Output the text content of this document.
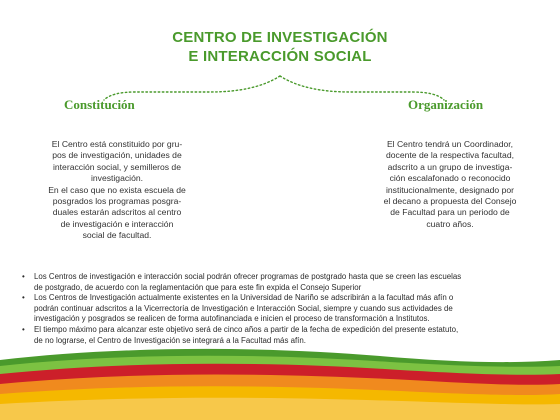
CENTRO DE INVESTIGACIÓN
E INTERACCIÓN SOCIAL
Constitución	Organización
El Centro está constituido por gru-
pos de investigación, unidades de
interacción social, y semilleros de
investigación.
En el caso que no exista escuela de
posgrados los programas posgra-
duales estarán adscritos al centro
de investigación e interacción
social de facultad.
El Centro tendrá un Coordinador,
docente de la respectiva facultad,
adscrito a un grupo de investiga-
ción escalafonado o reconocido
institucionalmente, designado por
el decano a propuesta del Consejo
de Facultad para un periodo de
cuatro años.
•	Los Centros de investigación e interacción social podrán ofrecer programas de postgrado hasta que se creen las escuelas
de postgrado, de acuerdo con la reglamentación que para este fin expida el Consejo Superior
•	Los Centros de Investigación actualmente existentes en la Universidad de Nariño se adscribirán a la facultad más afín o
podrán continuar adscritos a la Vicerrectoría de Investigación e Interacción Social, siempre y cuando sus actividades de
investigación y posgrados se realicen de forma autofinanciada e inicien el proceso de transformación a Institutos.
•	El tiempo máximo para alcanzar este objetivo será de cinco años a partir de la fecha de expedición del presente estatuto,
de no lograrse, el Centro de Investigación se integrará a la Facultad más afín.
